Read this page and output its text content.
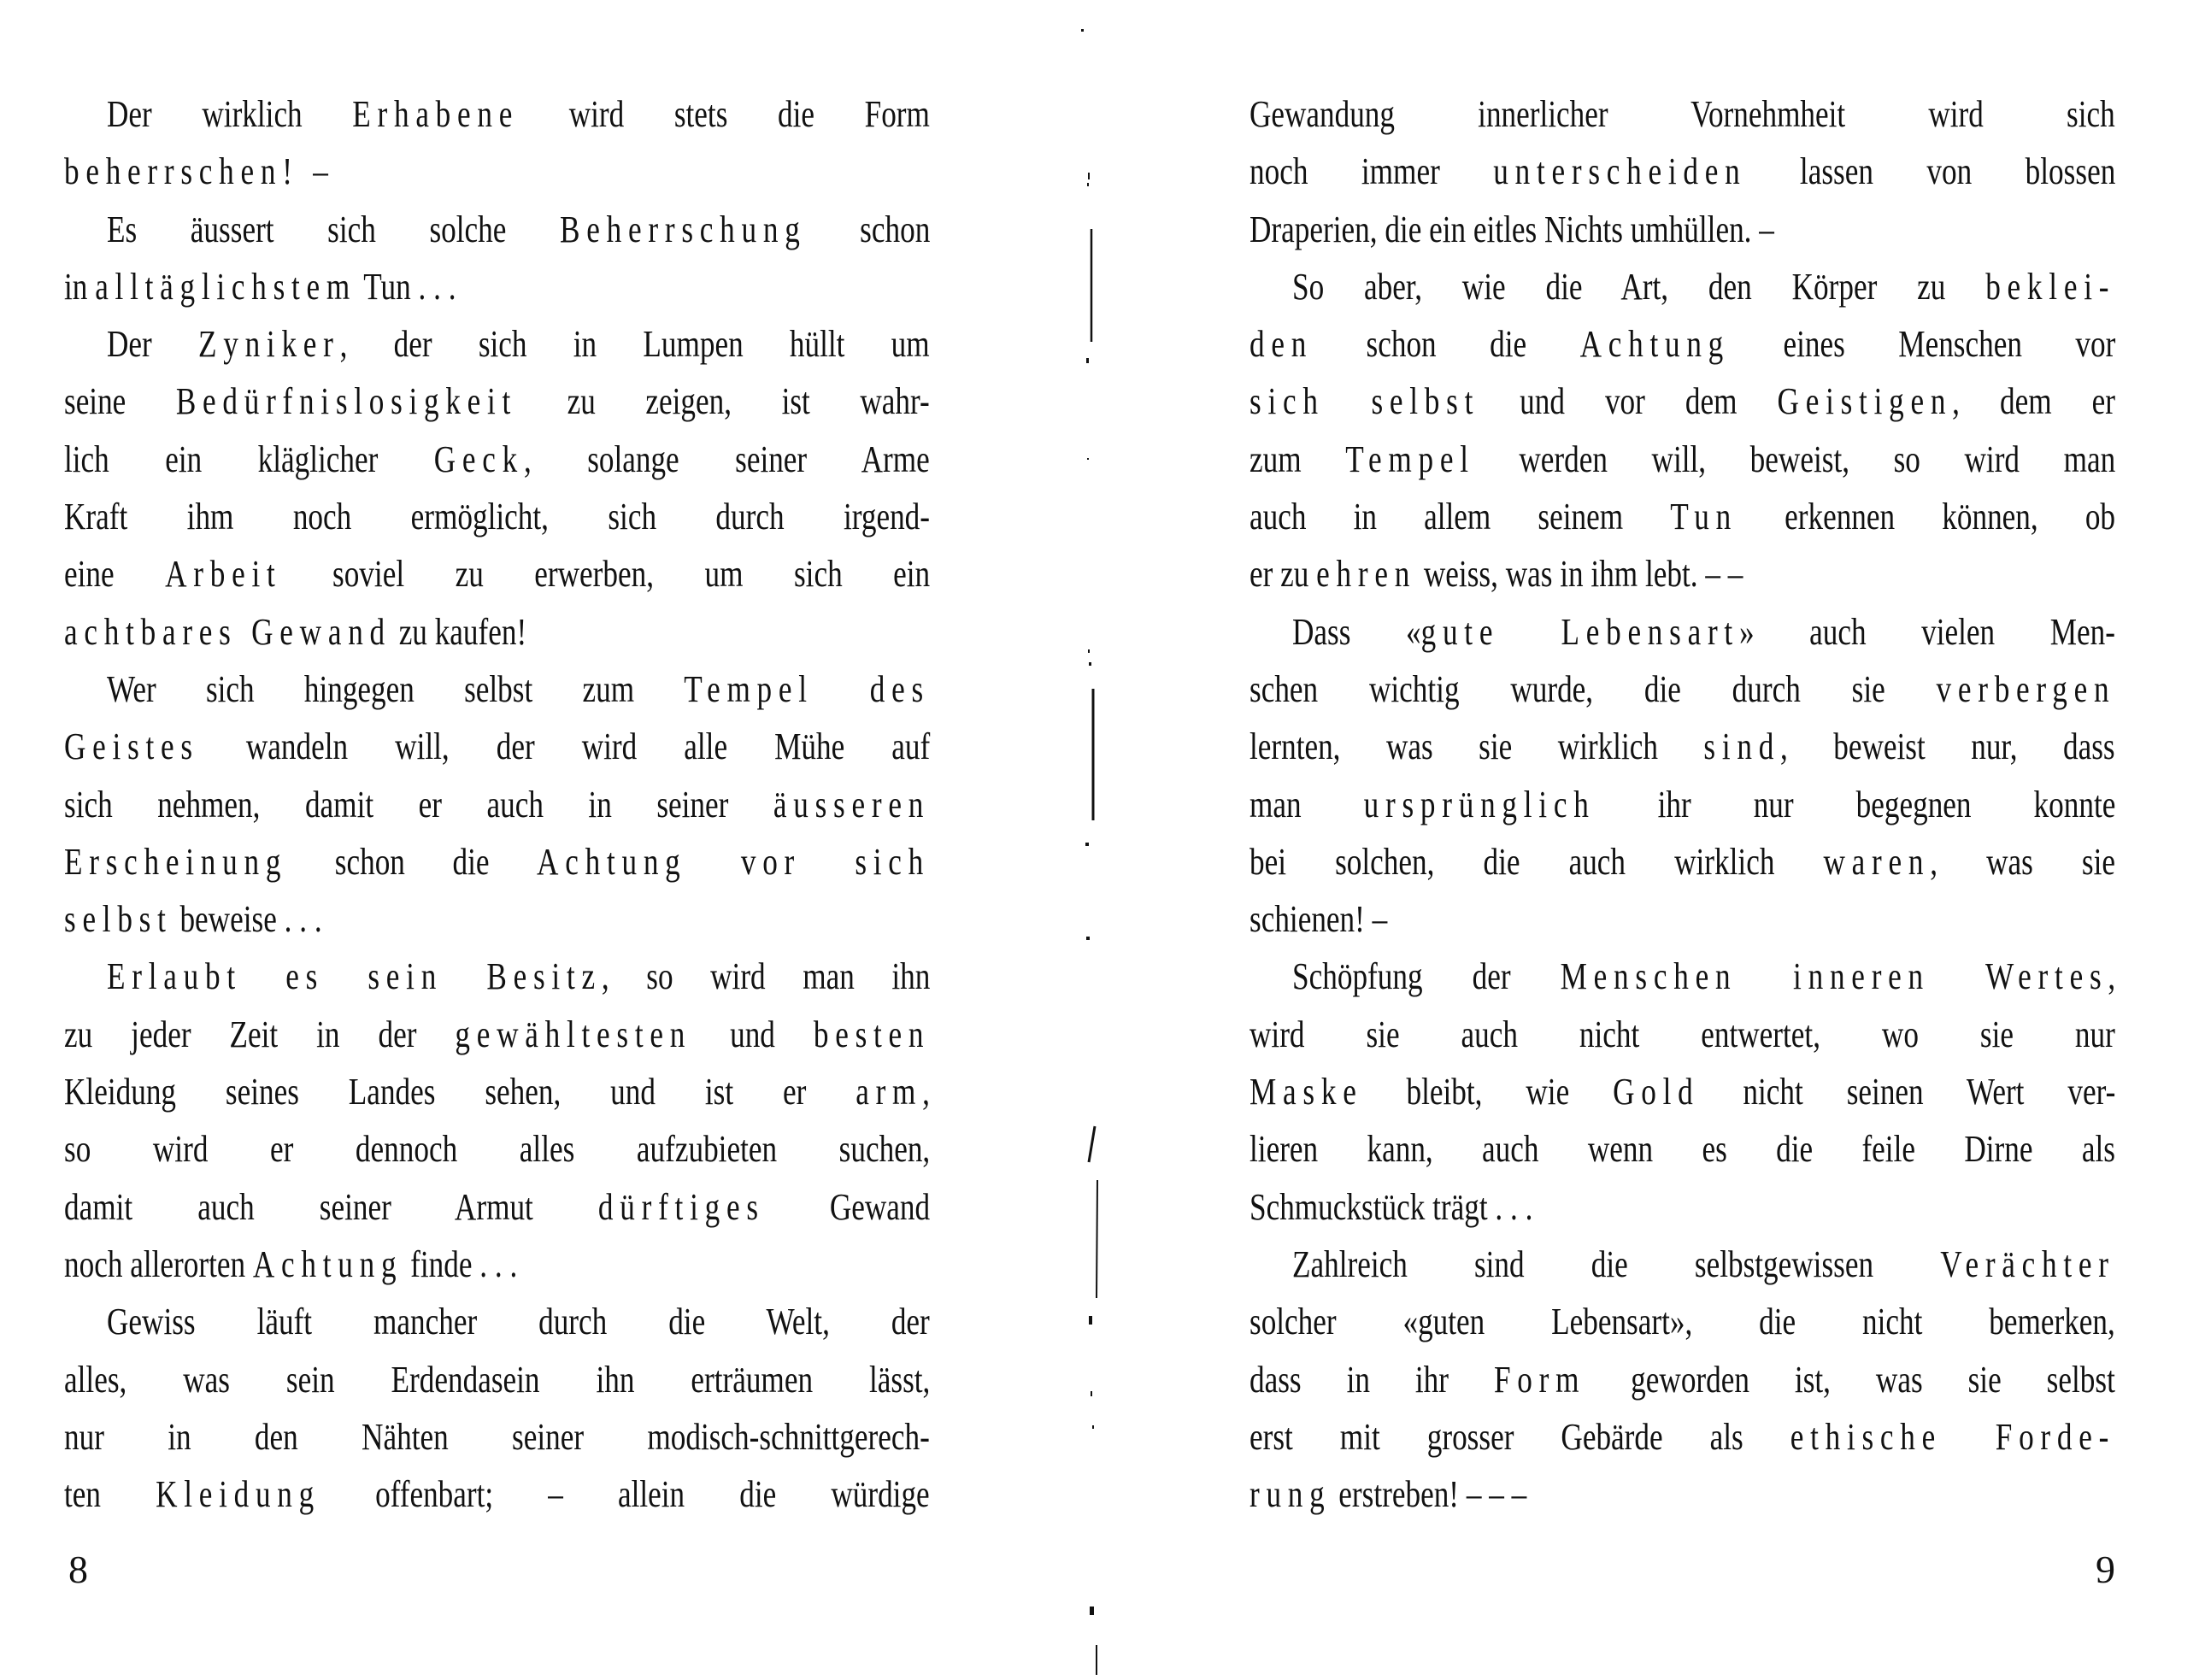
Der wirklich Erhabene wird stets die Form
beherrschen! –
Es äussert sich solche Beherrschung schon
in alltäglichstem Tun . . .
Der Zyniker, der sich in Lumpen hüllt um
seine Bedürfnislosigkeit zu zeigen, ist wahr-
lich ein kläglicher Geck, solange seiner Arme
Kraft ihm noch ermöglicht, sich durch irgend-
eine Arbeit soviel zu erwerben, um sich ein
achtbares Gewand zu kaufen!
Wer sich hingegen selbst zum Tempel des
Geistes wandeln will, der wird alle Mühe auf
sich nehmen, damit er auch in seiner äusseren
Erscheinung schon die Achtung vor sich
selbst beweise . . .
Erlaubt es sein Besitz, so wird man ihn
zu jeder Zeit in der gewähltesten und besten
Kleidung seines Landes sehen, und ist er arm,
so wird er dennoch alles aufzubieten suchen,
damit auch seiner Armut dürftiges Gewand
noch allerorten Achtung finde . . .
Gewiss läuft mancher durch die Welt, der
alles, was sein Erdendasein ihn erträumen lässt,
nur in den Nähten seiner modisch-schnittgerech-
ten Kleidung offenbart; – allein die würdige
8
Gewandung innerlicher Vornehmheit wird sich
noch immer unterscheiden lassen von blossen
Draperien, die ein eitles Nichts umhüllen. –
So aber, wie die Art, den Körper zu beklei-
den schon die Achtung eines Menschen vor
sich selbst und vor dem Geistigen, dem er
zum Tempel werden will, beweist, so wird man
auch in allem seinem Tun erkennen können, ob
er zu ehren weiss, was in ihm lebt. – –
Dass «gute Lebensart» auch vielen Men-
schen wichtig wurde, die durch sie verbergen
lernten, was sie wirklich sind, beweist nur, dass
man ursprünglich ihr nur begegnen konnte
bei solchen, die auch wirklich waren, was sie
schienen! –
Schöpfung der Menschen inneren Wertes,
wird sie auch nicht entwertet, wo sie nur
Maske bleibt, wie Gold nicht seinen Wert ver-
lieren kann, auch wenn es die feile Dirne als
Schmuckstück trägt . . .
Zahlreich sind die selbstgewissen Verächter
solcher «guten Lebensart», die nicht bemerken,
dass in ihr Form geworden ist, was sie selbst
erst mit grosser Gebärde als ethische Forde-
rung erstreben! – – –
9
